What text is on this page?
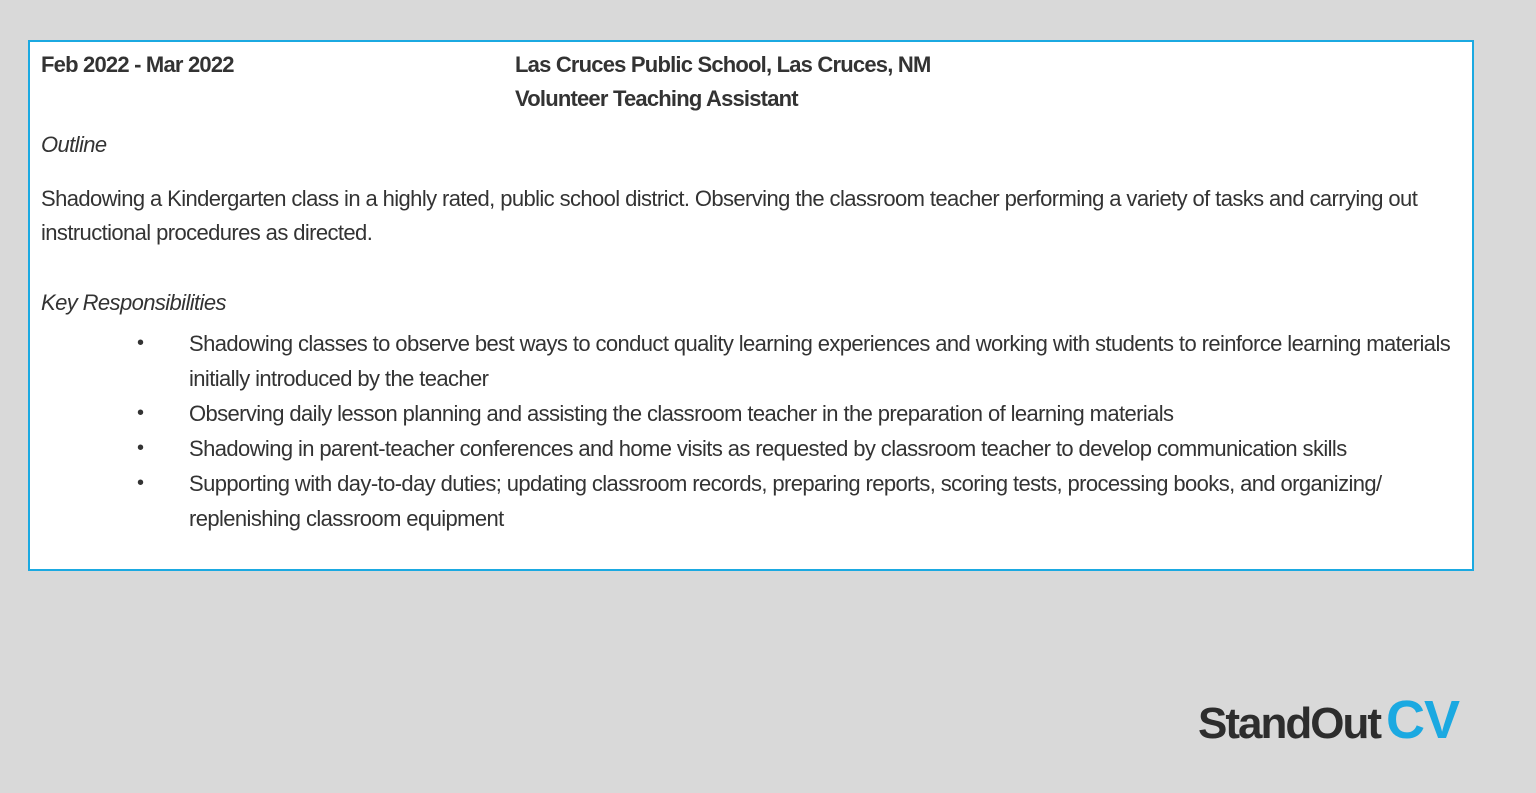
Feb 2022 - Mar 2022	Las Cruces Public School, Las Cruces, NM
Volunteer Teaching Assistant
Outline
Shadowing a Kindergarten class in a highly rated, public school district. Observing the classroom teacher performing a variety of tasks and carrying out instructional procedures as directed.
Key Responsibilities
• Shadowing classes to observe best ways to conduct quality learning experiences and working with students to reinforce learning materials initially introduced by the teacher
• Observing daily lesson planning and assisting the classroom teacher in the preparation of learning materials
• Shadowing in parent-teacher conferences and home visits as requested by classroom teacher to develop communication skills
• Supporting with day-to-day duties; updating classroom records, preparing reports, scoring tests, processing books, and organizing/ replenishing classroom equipment
StandOut CV
